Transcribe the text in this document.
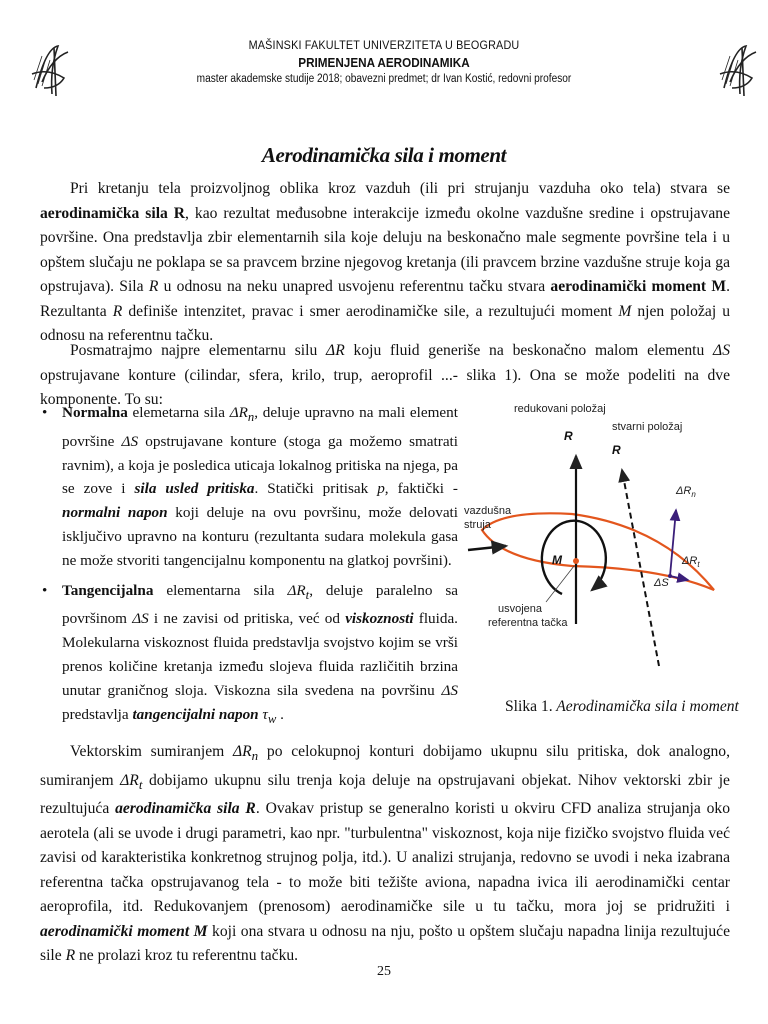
MAŠINSKI FAKULTET UNIVERZITETA U BEOGRADU
PRIMENJENA AERODINAMIKA
master akademske studije 2018; obavezni predmet; dr Ivan Kostić, redovni profesor
Aerodinamička sila i moment

Pri kretanju tela proizvoljnog oblika kroz vazduh (ili pri strujanju vazduha oko tela) stvara se aerodinamička sila R, kao rezultat međusobne interakcije između okolne vazdušne sredine i opstrujavane površine. Ona predstavlja zbir elementarnih sila koje deluju na beskonačno male segmente površine tela i u opštem slučaju ne poklapa se sa pravcem brzine njegovog kretanja (ili pravcem brzine vazdušne struje koja ga opstrujava). Sila R u odnosu na neku unapred usvojenu referentnu tačku stvara aerodinamički moment M. Rezultanta R definiše intenzitet, pravac i smer aerodinamičke sile, a rezultujući moment M njen položaj u odnosu na referentnu tačku.

Posmatrajmo najpre elementarnu silu ΔR koju fluid generiše na beskonačno malom elementu ΔS opstrujavane konture (cilindar, sfera, krilo, trup, aeroprofil ...- slika 1). Ona se može podeliti na dve komponente. To su:

• Normalna elemetarna sila $\Delta R_n$, deluje upravno na mali element površine ΔS opstrujavane konture (stoga ga možemo smatrati ravnim), a koja je posledica uticaja lokalnog pritiska na njega, pa se zove i sila usled pritiska. Statički pritisak p, faktički - normalni napon koji deluje na ovu površinu, može delovati isključivo upravno na konturu (rezultanta sudara molekula gasa ne može stvoriti tangencijalnu komponentu na glatkoj površini).
• Tangencijalna elementarna sila $\Delta R_t$, deluje paralelno sa površinom ΔS i ne zavisi od pritiska, već od viskoznosti fluida. Molekularna viskoznost fluida predstavlja svojstvo kojim se vrši prenos količine kretanja između slojeva fluida različitih brzina unutar graničnog sloja. Viskozna sila svedena na površinu ΔS predstavlja tangencijalni napon $\tau_w$ .
redukovani položaj
stvarni položaj
R
R
M
vazdušna
struja
usvojena
referentna tačka
$\Delta R_n$
$\Delta R_t$
ΔS
Slika 1. Aerodinamička sila i moment

Vektorskim sumiranjem $\Delta R_n$ po celokupnoj konturi dobijamo ukupnu silu pritiska, dok analogno, sumiranjem $\Delta R_t$ dobijamo ukupnu silu trenja koja deluje na opstrujavani objekat. Nihov vektorski zbir je rezultujuća aerodinamička sila R. Ovakav pristup se generalno koristi u okviru CFD analiza strujanja oko aerotela (ali se uvode i drugi parametri, kao npr. "turbulentna" viskoznost, koja nije fizičko svojstvo fluida već zavisi od karakteristika konkretnog strujnog polja, itd.). U analizi strujanja, redovno se uvodi i neka izabrana referentna tačka opstrujavanog tela - to može biti težište aviona, napadna ivica ili aerodinamički centar aeroprofila, itd. Redukovanjem (prenosom) aerodinamičke sile u tu tačku, mora joj se pridružiti i aerodinamički moment M koji ona stvara u odnosu na nju, pošto u opštem slučaju napadna linija rezultujuće sile R ne prolazi kroz tu referentnu tačku.

25
